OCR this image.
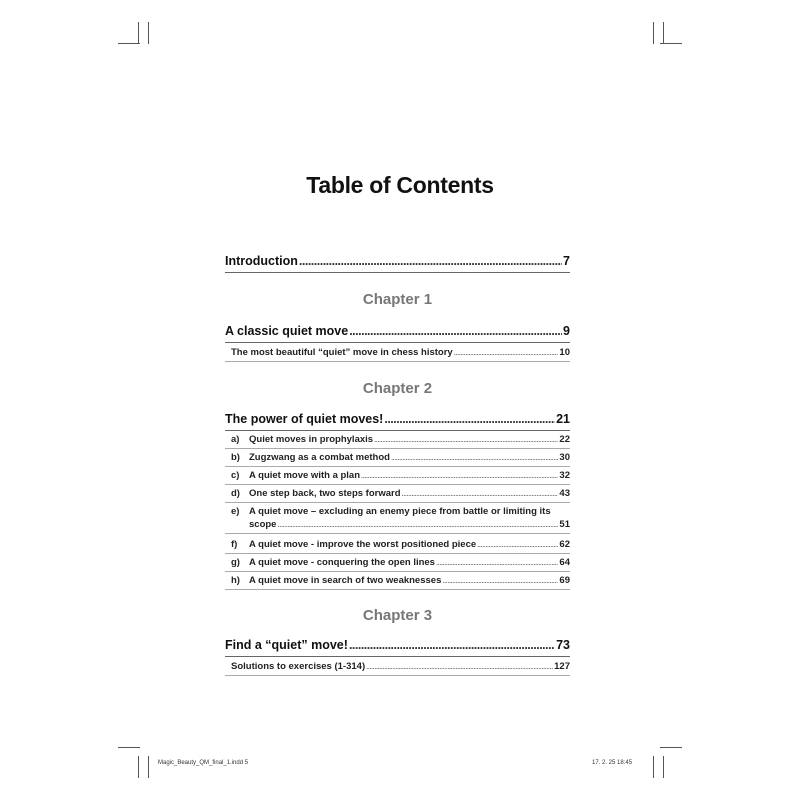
Table of Contents
Introduction .....	7
Chapter 1
A classic quiet move .....	9
The most beautiful “quiet” move in chess history .....	10
Chapter 2
The power of quiet moves! .....	21
a)	Quiet moves in prophylaxis .....	22
b) Zugzwang as a combat method .....	30
c)	A quiet move with a plan .....	32
d) One step back, two steps forward .....	43
e)	A quiet move – excluding an enemy piece from battle or limiting its
scope .....	51
f)	A quiet move - improve the worst positioned piece .....	62
g) A quiet move - conquering the open lines .....	64
h) A quiet move in search of two weaknesses .....	69
Chapter 3
Find a “quiet” move! .....	73
Solutions to exercises (1-314) .....	127
Magic_Beauty_QM_final_1.indd 5	17. 2. 25 18:45
